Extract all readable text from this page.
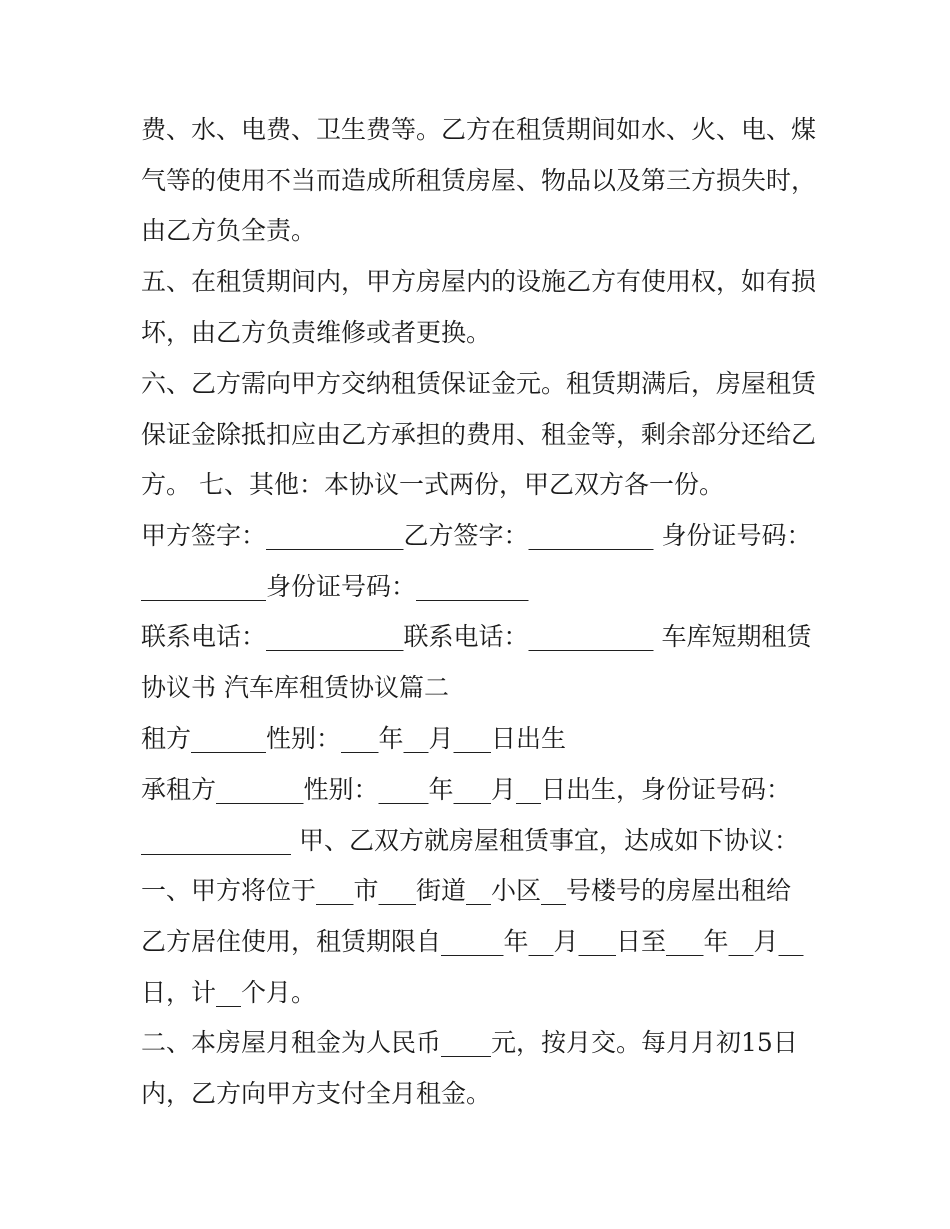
费、水、电费、卫生费等。乙方在租赁期间如水、火、电、煤
气等的使用不当而造成所租赁房屋、物品以及第三方损失时，
由乙方负全责。
五、在租赁期间内，甲方房屋内的设施乙方有使用权，如有损
坏，由乙方负责维修或者更换。
六、乙方需向甲方交纳租赁保证金元。租赁期满后，房屋租赁
保证金除抵扣应由乙方承担的费用、租金等，剩余部分还给乙
方。 七、其他：本协议一式两份，甲乙双方各一份。
甲方签字：___________乙方签字：__________ 身份证号码：
__________身份证号码：_________
联系电话：___________联系电话：__________ 车库短期租赁
协议书 汽车库租赁协议篇二
租方______性别：___年__月___日出生
承租方_______性别：____年___月__日出生，身份证号码：
____________ 甲、乙双方就房屋租赁事宜，达成如下协议：
一、甲方将位于___市___街道__小区__号楼号的房屋出租给
乙方居住使用，租赁期限自_____年__月___日至___年__月__
日，计__个月。
二、本房屋月租金为人民币____元，按月交。每月月初15日
内，乙方向甲方支付全月租金。
